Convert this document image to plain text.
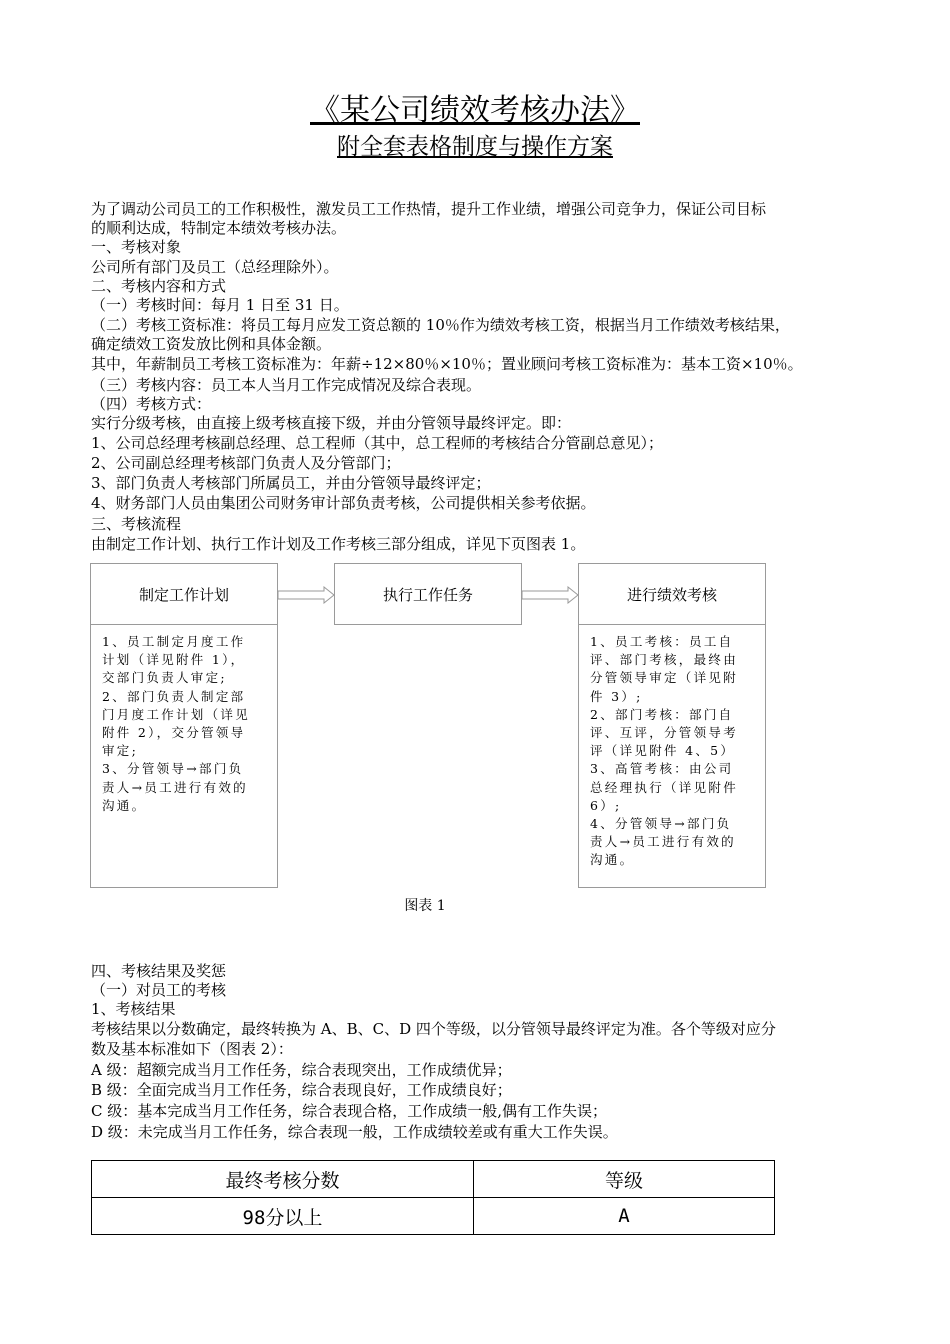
《某公司绩效考核办法》
附全套表格制度与操作方案
为了调动公司员工的工作积极性，激发员工工作热情，提升工作业绩，增强公司竞争力，保证公司目标
的顺利达成，特制定本绩效考核办法。
一、考核对象
公司所有部门及员工（总经理除外）。
二、考核内容和方式
（一）考核时间：每月 1 日至 31 日。
（二）考核工资标准：将员工每月应发工资总额的 10％作为绩效考核工资，根据当月工作绩效考核结果，
确定绩效工资发放比例和具体金额。
其中，年薪制员工考核工资标准为：年薪÷12×80％×10％；置业顾问考核工资标准为：基本工资×10％。
（三）考核内容：员工本人当月工作完成情况及综合表现。
（四）考核方式：
实行分级考核，由直接上级考核直接下级，并由分管领导最终评定。即：
1、公司总经理考核副总经理、总工程师（其中，总工程师的考核结合分管副总意见）；
2、公司副总经理考核部门负责人及分管部门；
3、部门负责人考核部门所属员工，并由分管领导最终评定；
4、财务部门人员由集团公司财务审计部负责考核，公司提供相关参考依据。
三、考核流程
由制定工作计划、执行工作计划及工作考核三部分组成，详见下页图表 1。
制定工作计划
1、员工制定月度工作
计划（详见附件 1），
交部门负责人审定;
2、部门负责人制定部
门月度工作计划（详见
附件 2），交分管领导
审定;
3、分管领导→部门负
责人→员工进行有效的
沟通。
执行工作任务	进行绩效考核
1、员工考核：员工自
评、部门考核，最终由
分管领导审定（详见附
件 3）;
2、部门考核：部门自
评、互评，分管领导考
评（详见附件 4、5）
3、高管考核：由公司
总经理执行（详见附件
6）;
4、分管领导→部门负
责人→员工进行有效的
沟通。
图表 1
四、考核结果及奖惩
（一）对员工的考核
1、考核结果
考核结果以分数确定，最终转换为 A、B、C、D 四个等级，以分管领导最终评定为准。各个等级对应分
数及基本标准如下（图表 2）：
A 级：超额完成当月工作任务，综合表现突出，工作成绩优异；
B 级：全面完成当月工作任务，综合表现良好，工作成绩良好；
C 级：基本完成当月工作任务，综合表现合格，工作成绩一般,偶有工作失误；
D 级：未完成当月工作任务，综合表现一般，工作成绩较差或有重大工作失误。
最终考核分数	等级
98分以上	A
